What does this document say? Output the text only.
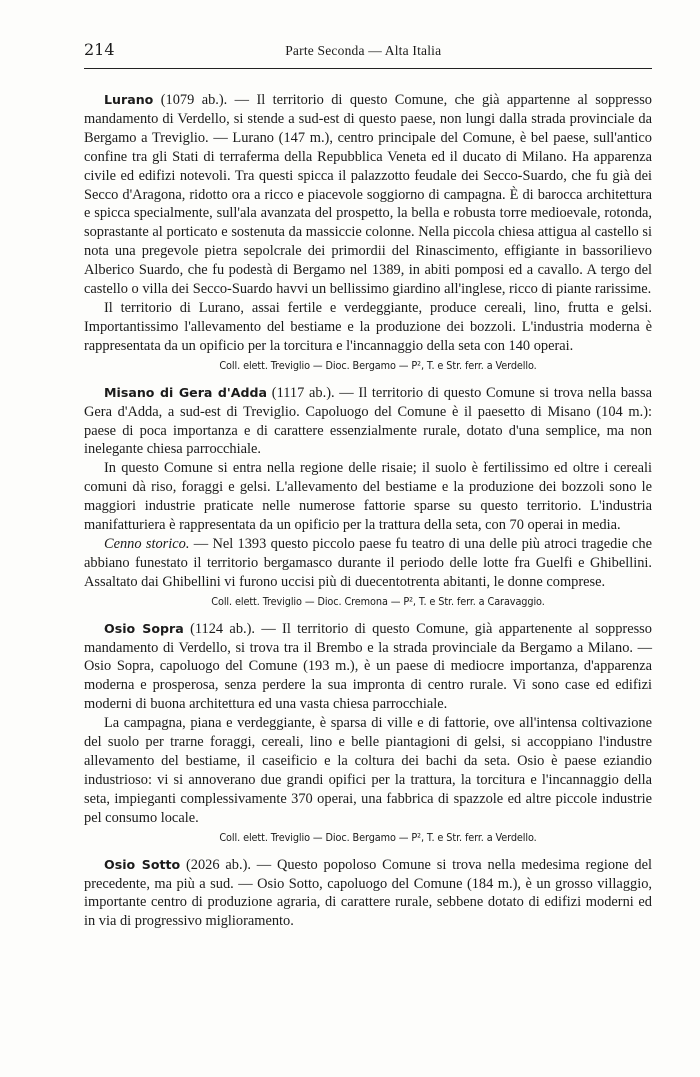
214	Parte Seconda — Alta Italia

Lurano (1079 ab.). — Il territorio di questo Comune, che già appartenne al soppresso mandamento di Verdello, si stende a sud-est di questo paese, non lungi dalla strada provinciale da Bergamo a Treviglio. — Lurano (147 m.), centro principale del Comune, è bel paese, sull'antico confine tra gli Stati di terraferma della Repubblica Veneta ed il ducato di Milano. Ha apparenza civile ed edifizi notevoli. Tra questi spicca il palazzotto feudale dei Secco-Suardo, che fu già dei Secco d'Aragona, ridotto ora a ricco e piacevole soggiorno di campagna. È di barocca architettura e spicca specialmente, sull'ala avanzata del prospetto, la bella e robusta torre medioevale, rotonda, soprastante al porticato e sostenuta da massiccie colonne. Nella piccola chiesa attigua al castello si nota una pregevole pietra sepolcrale dei primordii del Rinascimento, effigiante in bassorilievo Alberico Suardo, che fu podestà di Bergamo nel 1389, in abiti pomposi ed a cavallo. A tergo del castello o villa dei Secco-Suardo havvi un bellissimo giardino all'inglese, ricco di piante rarissime.

Il territorio di Lurano, assai fertile e verdeggiante, produce cereali, lino, frutta e gelsi. Importantissimo l'allevamento del bestiame e la produzione dei bozzoli. L'industria moderna è rappresentata da un opificio per la torcitura e l'incannaggio della seta con 140 operai.

Coll. elett. Treviglio — Dioc. Bergamo — P², T. e Str. ferr. a Verdello.

Misano di Gera d'Adda (1117 ab.). — Il territorio di questo Comune si trova nella bassa Gera d'Adda, a sud-est di Treviglio. Capoluogo del Comune è il paesetto di Misano (104 m.): paese di poca importanza e di carattere essenzialmente rurale, dotato d'una semplice, ma non inelegante chiesa parrocchiale.

In questo Comune si entra nella regione delle risaie; il suolo è fertilissimo ed oltre i cereali comuni dà riso, foraggi e gelsi. L'allevamento del bestiame e la produzione dei bozzoli sono le maggiori industrie praticate nelle numerose fattorie sparse su questo territorio. L'industria manifatturiera è rappresentata da un opificio per la trattura della seta, con 70 operai in media.

Cenno storico. — Nel 1393 questo piccolo paese fu teatro di una delle più atroci tragedie che abbiano funestato il territorio bergamasco durante il periodo delle lotte fra Guelfi e Ghibellini. Assaltato dai Ghibellini vi furono uccisi più di duecentotrenta abitanti, le donne comprese.

Coll. elett. Treviglio — Dioc. Cremona — P², T. e Str. ferr. a Caravaggio.

Osio Sopra (1124 ab.). — Il territorio di questo Comune, già appartenente al soppresso mandamento di Verdello, si trova tra il Brembo e la strada provinciale da Bergamo a Milano. — Osio Sopra, capoluogo del Comune (193 m.), è un paese di mediocre importanza, d'apparenza moderna e prosperosa, senza perdere la sua impronta di centro rurale. Vi sono case ed edifizi moderni di buona architettura ed una vasta chiesa parrocchiale.

La campagna, piana e verdeggiante, è sparsa di ville e di fattorie, ove all'intensa coltivazione del suolo per trarne foraggi, cereali, lino e belle piantagioni di gelsi, si accoppiano l'industre allevamento del bestiame, il caseificio e la coltura dei bachi da seta. Osio è paese eziandio industrioso: vi si annoverano due grandi opifici per la trattura, la torcitura e l'incannaggio della seta, impieganti complessivamente 370 operai, una fabbrica di spazzole ed altre piccole industrie pel consumo locale.

Coll. elett. Treviglio — Dioc. Bergamo — P², T. e Str. ferr. a Verdello.

Osio Sotto (2026 ab.). — Questo popoloso Comune si trova nella medesima regione del precedente, ma più a sud. — Osio Sotto, capoluogo del Comune (184 m.), è un grosso villaggio, importante centro di produzione agraria, di carattere rurale, sebbene dotato di edifizi moderni ed in via di progressivo miglioramento.
